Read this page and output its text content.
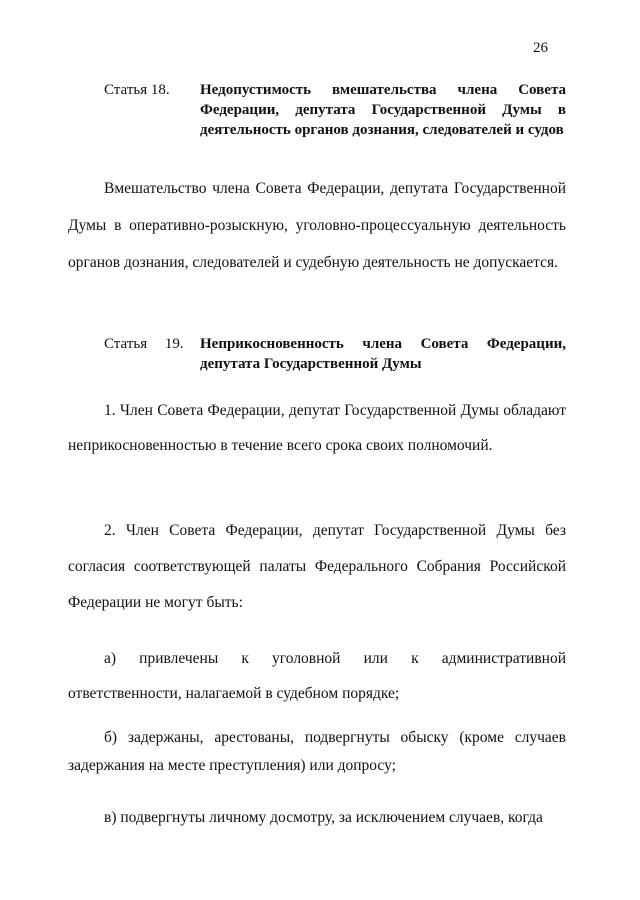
26
Статья 18.	Недопустимость вмешательства члена Совета Федерации, депутата Государственной Думы в деятельность органов дознания, следователей и судов

Вмешательство члена Совета Федерации, депутата Государственной Думы в оперативно-розыскную, уголовно-процессуальную деятельность органов дознания, следователей и судебную деятельность не допускается.

Статья 19.	Неприкосновенность члена Совета Федерации, депутата Государственной Думы

1. Член Совета Федерации, депутат Государственной Думы обладают неприкосновенностью в течение всего срока своих полномочий.

2. Член Совета Федерации, депутат Государственной Думы без согласия соответствующей палаты Федерального Собрания Российской Федерации не могут быть:

а) привлечены к уголовной или к административной ответственности, налагаемой в судебном порядке;

б) задержаны, арестованы, подвергнуты обыску (кроме случаев задержания на месте преступления) или допросу;

в) подвергнуты личному досмотру, за исключением случаев, когда
